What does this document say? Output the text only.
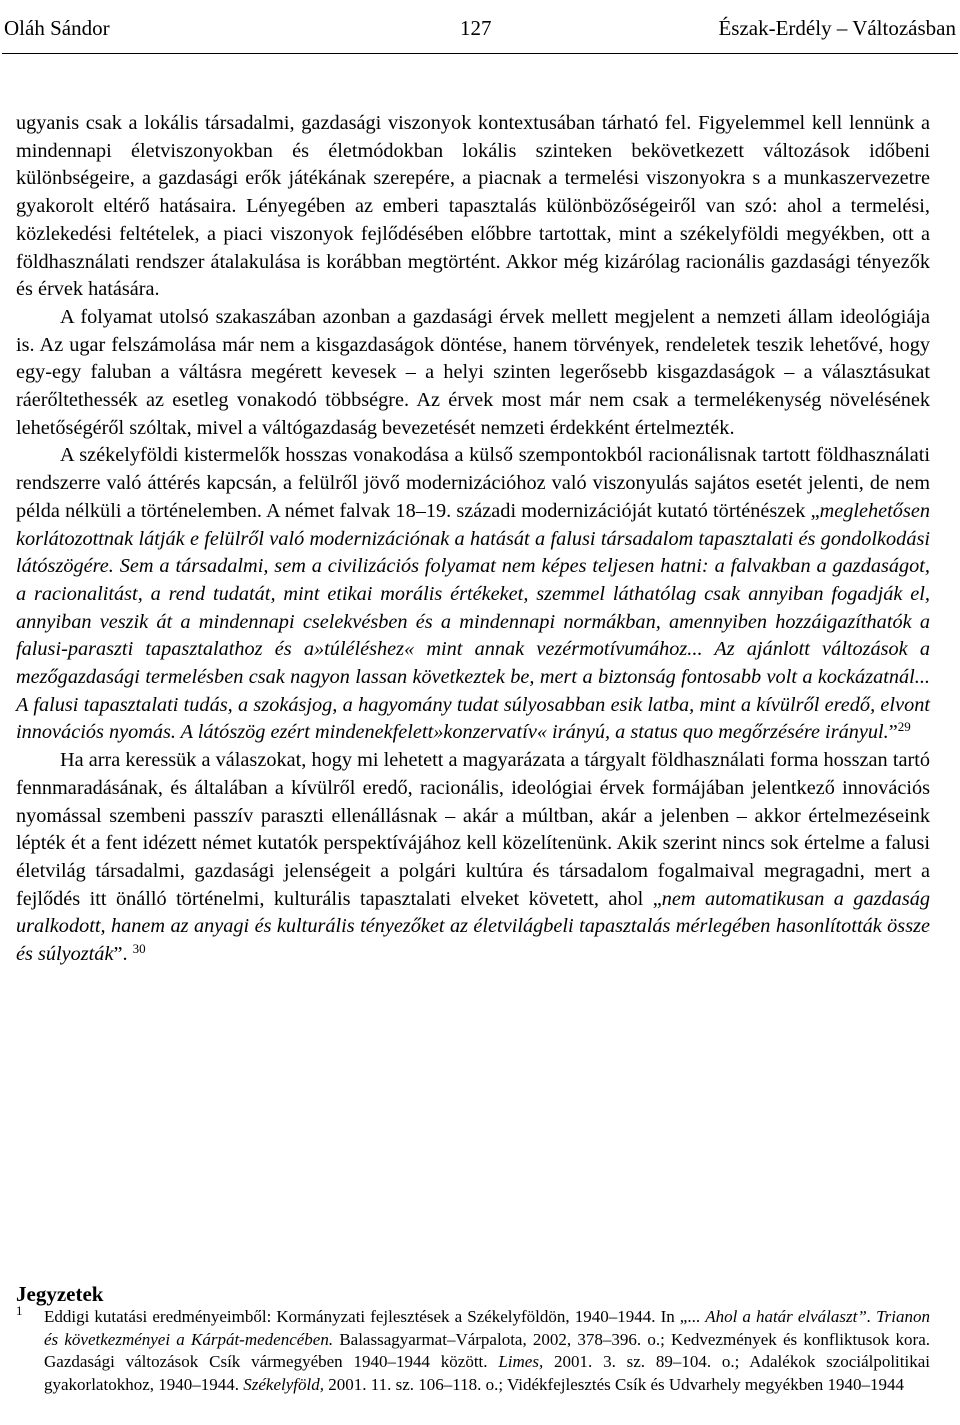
Oláh Sándor	127	Észak-Erdély – Változásban

ugyanis csak a lokális társadalmi, gazdasági viszonyok kontextusában tárható fel. Figyelemmel kell lennünk a mindennapi életviszonyokban és életmódokban lokális szinteken bekövetkezett változások időbeni különbségeire, a gazdasági erők játékának szerepére, a piacnak a termelési viszonyokra s a munkaszervezetre gyakorolt eltérő hatásaira. Lényegében az emberi tapasztalás különbözőségeiről van szó: ahol a termelési, közlekedési feltételek, a piaci viszonyok fejlődésében előbbre tartottak, mint a székelyföldi megyékben, ott a földhasználati rendszer átalakulása is korábban megtörtént. Akkor még kizárólag racionális gazdasági tényezők és érvek hatására.

A folyamat utolsó szakaszában azonban a gazdasági érvek mellett megjelent a nemzeti állam ideológiája is. Az ugar felszámolása már nem a kisgazdaságok döntése, hanem törvények, rendeletek teszik lehetővé, hogy egy-egy faluban a váltásra megérett kevesek – a helyi szinten legerősebb kisgazdaságok – a választásukat ráerőltethessék az esetleg vonakodó többségre. Az érvek most már nem csak a termelékenység növelésének lehetőségéről szóltak, mivel a váltógazdaság bevezetését nemzeti érdekként értelmezték.

A székelyföldi kistermelők hosszas vonakodása a külső szempontokból racionálisnak tartott földhasználati rendszerre való áttérés kapcsán, a felülről jövő modernizációhoz való viszonyulás sajátos esetét jelenti, de nem példa nélküli a történelemben. A német falvak 18–19. századi modernizációját kutató történészek „meglehetősen korlátozottnak látják e felülről való modernizációnak a hatását a falusi társadalom tapasztalati és gondolkodási látószögére. Sem a társadalmi, sem a civilizációs folyamat nem képes teljesen hatni: a falvakban a gazdaságot, a racionalitást, a rend tudatát, mint etikai morális értékeket, szemmel láthatólag csak annyiban fogadják el, annyiban veszik át a mindennapi cselekvésben és a mindennapi normákban, amennyiben hozzáigazíthatók a falusi-paraszti tapasztalathoz és a»túléléshez« mint annak vezérmotívumához... Az ajánlott változások a mezőgazdasági termelésben csak nagyon lassan következtek be, mert a biztonság fontosabb volt a kockázatnál... A falusi tapasztalati tudás, a szokásjog, a hagyomány tudat súlyosabban esik latba, mint a kívülről eredő, elvont innovációs nyomás. A látószög ezért mindenekfelett»konzervatív« irányú, a status quo megőrzésére irányul.”$^{29}$

Ha arra keressük a válaszokat, hogy mi lehetett a magyarázata a tárgyalt földhasználati forma hosszan tartó fennmaradásának, és általában a kívülről eredő, racionális, ideológiai érvek formájában jelentkező innovációs nyomással szembeni passzív paraszti ellenállásnak – akár a múltban, akár a jelenben – akkor értelmezéseink lépték ét a fent idézett német kutatók perspektívájához kell közelítenünk. Akik szerint nincs sok értelme a falusi életvilág társadalmi, gazdasági jelenségeit a polgári kultúra és társadalom fogalmaival megragadni, mert a fejlődés itt önálló történelmi, kulturális tapasztalati elveket követett, ahol „nem automatikusan a gazdaság uralkodott, hanem az anyagi és kulturális tényezőket az életvilágbeli tapasztalás mérlegében hasonlították össze és súlyozták”. $^{30}$

Jegyzetek
1 Eddigi kutatási eredményeimből: Kormányzati fejlesztések a Székelyföldön, 1940–1944. In „... Ahol a határ elválaszt”. Trianon és következményei a Kárpát-medencében. Balassagyarmat–Várpalota, 2002, 378–396. o.; Kedvezmények és konfliktusok kora. Gazdasági változások Csík vármegyében 1940–1944 között. Limes, 2001. 3. sz. 89–104. o.; Adalékok szociálpolitikai gyakorlatokhoz, 1940–1944. Székelyföld, 2001. 11. sz. 106–118. o.; Vidékfejlesztés Csík és Udvarhely megyékben 1940–1944
